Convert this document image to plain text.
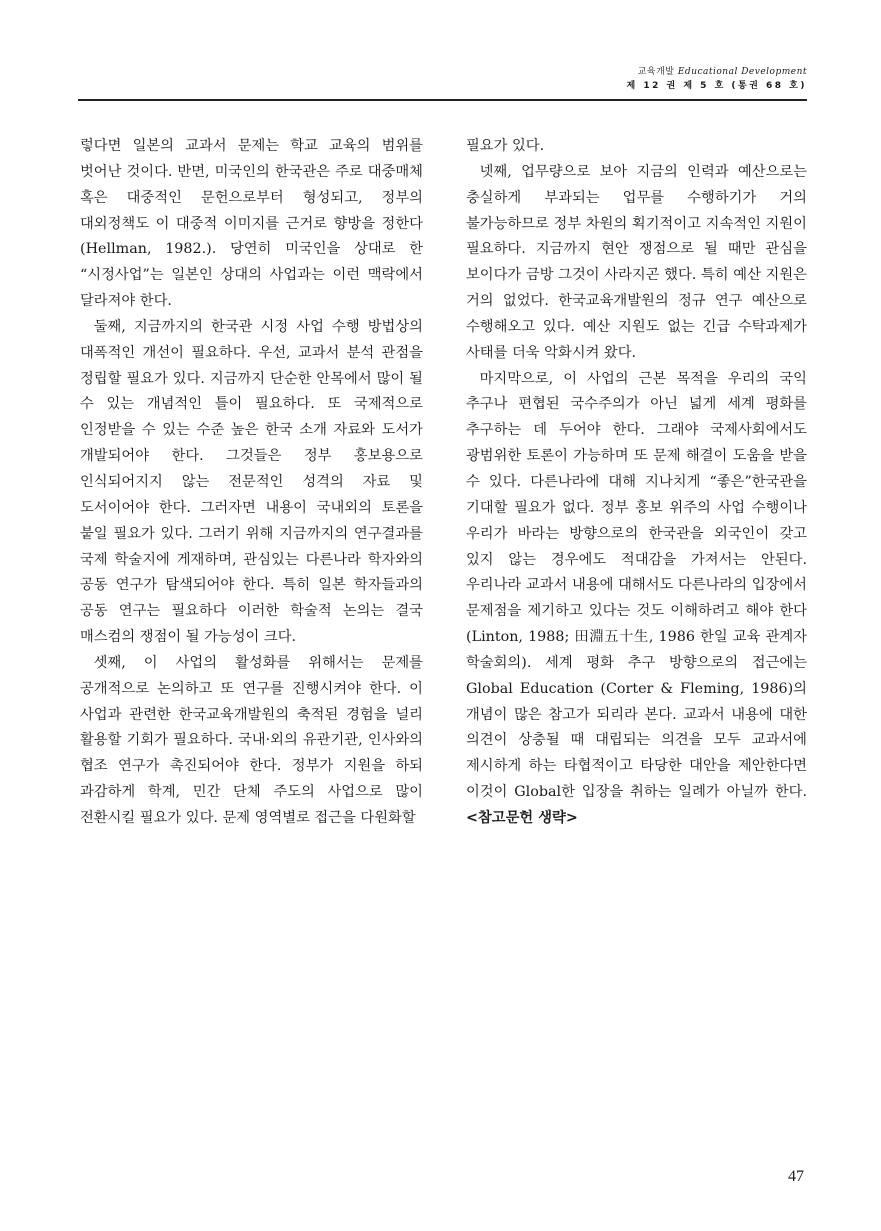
교육개발 Educational Development
제 12 권 제 5 호 (통권 68 호)

렇다면 일본의 교과서 문제는 학교 교육의 범위를 벗어난 것이다. 반면, 미국인의 한국관은 주로 대중매체 혹은 대중적인 문헌으로부터 형성되고, 정부의 대외정책도 이 대중적 이미지를 근거로 향방을 정한다(Hellman, 1982.). 당연히 미국인을 상대로 한 “시정사업”는 일본인 상대의 사업과는 이런 맥락에서 달라져야 한다.

둘째, 지금까지의 한국관 시정 사업 수행 방법상의 대폭적인 개선이 필요하다. 우선, 교과서 분석 관점을 정립할 필요가 있다. 지금까지 단순한 안목에서 많이 될 수 있는 개념적인 틀이 필요하다. 또 국제적으로 인정받을 수 있는 수준 높은 한국 소개 자료와 도서가 개발되어야 한다. 그것들은 정부 홍보용으로 인식되어지지 않는 전문적인 성격의 자료 및 도서이어야 한다. 그러자면 내용이 국내외의 토론을 붙일 필요가 있다. 그러기 위해 지금까지의 연구결과를 국제 학술지에 게재하며, 관심있는 다른나라 학자와의 공동 연구가 탐색되어야 한다. 특히 일본 학자들과의 공동 연구는 필요하다 이러한 학술적 논의는 결국 매스컴의 쟁점이 될 가능성이 크다.

셋째, 이 사업의 활성화를 위해서는 문제를 공개적으로 논의하고 또 연구를 진행시켜야 한다. 이 사업과 관련한 한국교육개발원의 축적된 경험을 널리 활용할 기회가 필요하다. 국내·외의 유관기관, 인사와의 협조 연구가 촉진되어야 한다. 정부가 지원을 하되 과감하게 학계, 민간 단체 주도의 사업으로 많이 전환시킬 필요가 있다. 문제 영역별로 접근을 다원화할

필요가 있다.

넷째, 업무량으로 보아 지금의 인력과 예산으로는 충실하게 부과되는 업무를 수행하기가 거의 불가능하므로 정부 차원의 획기적이고 지속적인 지원이 필요하다. 지금까지 현안 쟁점으로 될 때만 관심을 보이다가 금방 그것이 사라지곤 했다. 특히 예산 지원은 거의 없었다. 한국교육개발원의 정규 연구 예산으로 수행해오고 있다. 예산 지원도 없는 긴급 수탁과제가 사태를 더욱 악화시켜 왔다.

마지막으로, 이 사업의 근본 목적을 우리의 국익 추구나 편협된 국수주의가 아닌 넓게 세계 평화를 추구하는 데 두어야 한다. 그래야 국제사회에서도 광범위한 토론이 가능하며 또 문제 해결이 도움을 받을 수 있다. 다른나라에 대해 지나치게 “좋은”한국관을 기대할 필요가 없다. 정부 홍보 위주의 사업 수행이나 우리가 바라는 방향으로의 한국관을 외국인이 갖고 있지 않는 경우에도 적대감을 가져서는 안된다. 우리나라 교과서 내용에 대해서도 다른나라의 입장에서 문제점을 제기하고 있다는 것도 이해하려고 해야 한다(Linton, 1988; 田淵五十生, 1986 한일 교육 관계자 학술회의). 세계 평화 추구 방향으로의 접근에는 Global Education (Corter & Fleming, 1986)의 개념이 많은 참고가 되리라 본다. 교과서 내용에 대한 의견이 상충될 때 대립되는 의견을 모두 교과서에 제시하게 하는 타협적이고 타당한 대안을 제안한다면 이것이 Global한 입장을 취하는 일례가 아닐까 한다. <참고문헌 생략>

47
